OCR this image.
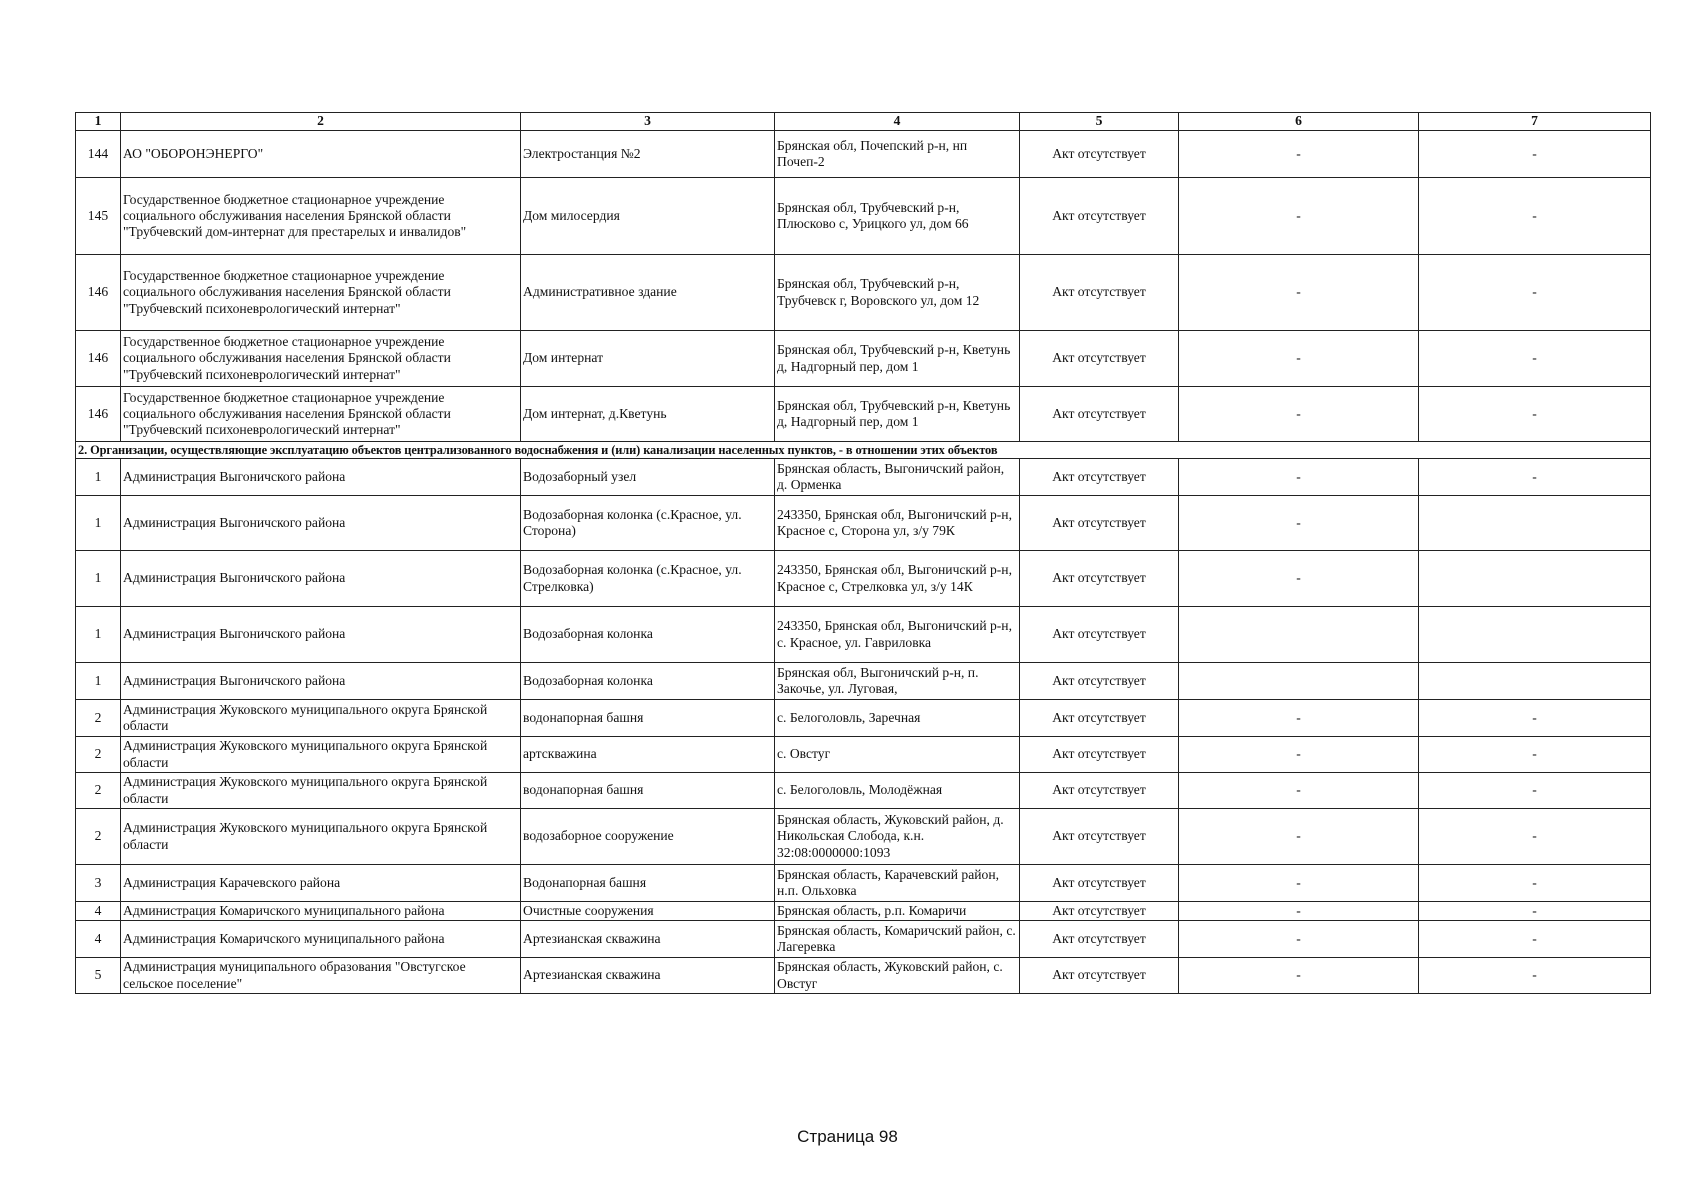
1	2	3	4	5	6	7
144	АО "ОБОРОНЭНЕРГО"	Электростанция №2	Брянская обл, Почепский р-н, нп Почеп-2	Акт отсутствует	-	-
145	Государственное бюджетное стационарное учреждение социального обслуживания населения Брянской области "Трубчевский дом-интернат для престарелых и инвалидов"	Дом милосердия	Брянская обл, Трубчевский р-н, Плюсково с, Урицкого ул, дом 66	Акт отсутствует	-	-
146	Государственное бюджетное стационарное учреждение социального обслуживания населения Брянской области "Трубчевский психоневрологический интернат"	Административное здание	Брянская обл, Трубчевский р-н, Трубчевск г, Воровского ул, дом 12	Акт отсутствует	-	-
146	Государственное бюджетное стационарное учреждение социального обслуживания населения Брянской области "Трубчевский психоневрологический интернат"	Дом интернат	Брянская обл, Трубчевский р-н, Кветунь д, Надгорный пер, дом 1	Акт отсутствует	-	-
146	Государственное бюджетное стационарное учреждение социального обслуживания населения Брянской области "Трубчевский психоневрологический интернат"	Дом интернат, д.Кветунь	Брянская обл, Трубчевский р-н, Кветунь д, Надгорный пер, дом 1	Акт отсутствует	-	-
2. Организации, осуществляющие эксплуатацию объектов централизованного водоснабжения и (или) канализации населенных пунктов, - в отношении этих объектов						
1	Администрация Выгоничского района	Водозаборный узел	Брянская область, Выгоничский район, д. Орменка	Акт отсутствует	-	-
1	Администрация Выгоничского района	Водозаборная колонка (с.Красное, ул. Сторона)	243350, Брянская обл, Выгоничский р-н, Красное с, Сторона ул, з/у 79К	Акт отсутствует	-	
1	Администрация Выгоничского района	Водозаборная колонка (с.Красное, ул. Стрелковка)	243350, Брянская обл, Выгоничский р-н, Красное с, Стрелковка ул, з/у 14К	Акт отсутствует	-	
1	Администрация Выгоничского района	Водозаборная колонка	243350, Брянская обл, Выгоничский р-н, с. Красное, ул. Гавриловка	Акт отсутствует		
1	Администрация Выгоничского района	Водозаборная колонка	Брянская обл, Выгоничский р-н, п. Закочье, ул. Луговая,	Акт отсутствует		
2	Администрация Жуковского муниципального округа Брянской области	водонапорная башня	с. Белоголовль, Заречная	Акт отсутствует	-	-
2	Администрация Жуковского муниципального округа Брянской области	артскважина	с. Овстуг	Акт отсутствует	-	-
2	Администрация Жуковского муниципального округа Брянской области	водонапорная башня	с. Белоголовль, Молодёжная	Акт отсутствует	-	-
2	Администрация Жуковского муниципального округа Брянской области	водозаборное сооружение	Брянская область, Жуковский район, д. Никольская Слобода, к.н. 32:08:0000000:1093	Акт отсутствует	-	-
3	Администрация Карачевского района	Водонапорная башня	Брянская область, Карачевский район, н.п. Ольховка	Акт отсутствует	-	-
4	Администрация Комаричского муниципального района	Очистные сооружения	Брянская область, р.п. Комаричи	Акт отсутствует	-	-
4	Администрация Комаричского муниципального района	Артезианская скважина	Брянская область, Комаричский район, с. Лагеревка	Акт отсутствует	-	-
5	Администрация муниципального образования "Овстугское сельское поселение"	Артезианская скважина	Брянская область, Жуковский район, с. Овстуг	Акт отсутствует	-	-
Страница 98
